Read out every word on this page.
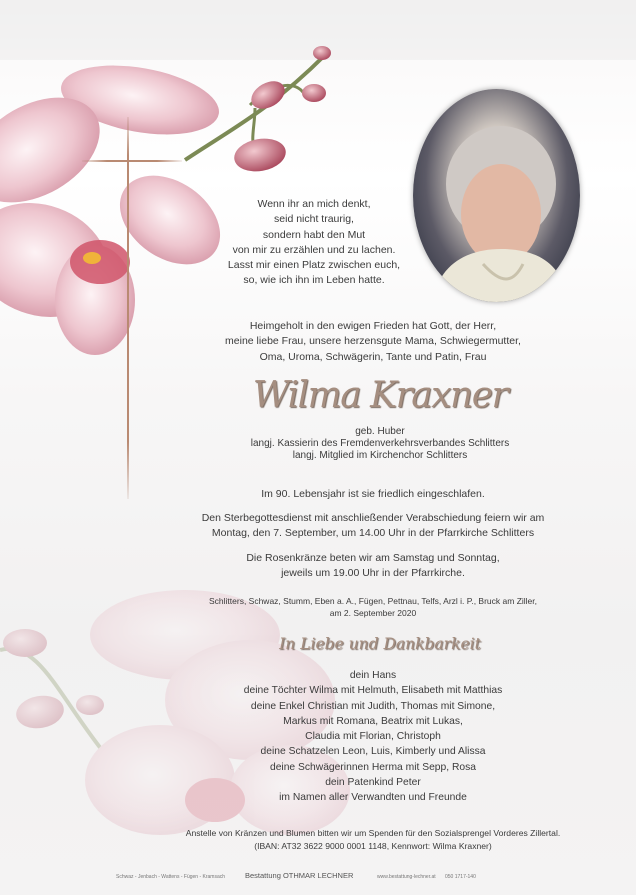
Wenn ihr an mich denkt,
seid nicht traurig,
sondern habt den Mut
von mir zu erzählen und zu lachen.
Lasst mir einen Platz zwischen euch,
so, wie ich ihn im Leben hatte.
Heimgeholt in den ewigen Frieden hat Gott, der Herr,
meine liebe Frau, unsere herzensgute Mama, Schwiegermutter,
Oma, Uroma, Schwägerin, Tante und Patin, Frau
Wilma Kraxner
geb. Huber
langj. Kassierin des Fremdenverkehrsverbandes Schlitters
langj. Mitglied im Kirchenchor Schlitters
Im 90. Lebensjahr ist sie friedlich eingeschlafen.
Den Sterbegottesdienst mit anschließender Verabschiedung feiern wir am
Montag, den 7. September, um 14.00 Uhr in der Pfarrkirche Schlitters
Die Rosenkränze beten wir am Samstag und Sonntag,
jeweils um 19.00 Uhr in der Pfarrkirche.
Schlitters, Schwaz, Stumm, Eben a. A., Fügen, Pettnau, Telfs, Arzl i. P., Bruck am Ziller,
am 2. September 2020
In Liebe und Dankbarkeit
dein Hans
deine Töchter Wilma mit Helmuth, Elisabeth mit Matthias
deine Enkel Christian mit Judith, Thomas mit Simone,
Markus mit Romana, Beatrix mit Lukas,
Claudia mit Florian, Christoph
deine Schatzelen Leon, Luis, Kimberly und Alissa
deine Schwägerinnen Herma mit Sepp, Rosa
dein Patenkind Peter
im Namen aller Verwandten und Freunde
Anstelle von Kränzen und Blumen bitten wir um Spenden für den Sozialsprengel Vorderes Zillertal.
(IBAN: AT32 3622 9000 0001 1148, Kennwort: Wilma Kraxner)
Schwaz - Jenbach - Wattens - Fügen - Kramsach	Bestattung OTHMAR LECHNER	www.bestattung-lechner.at 050 1717-140
